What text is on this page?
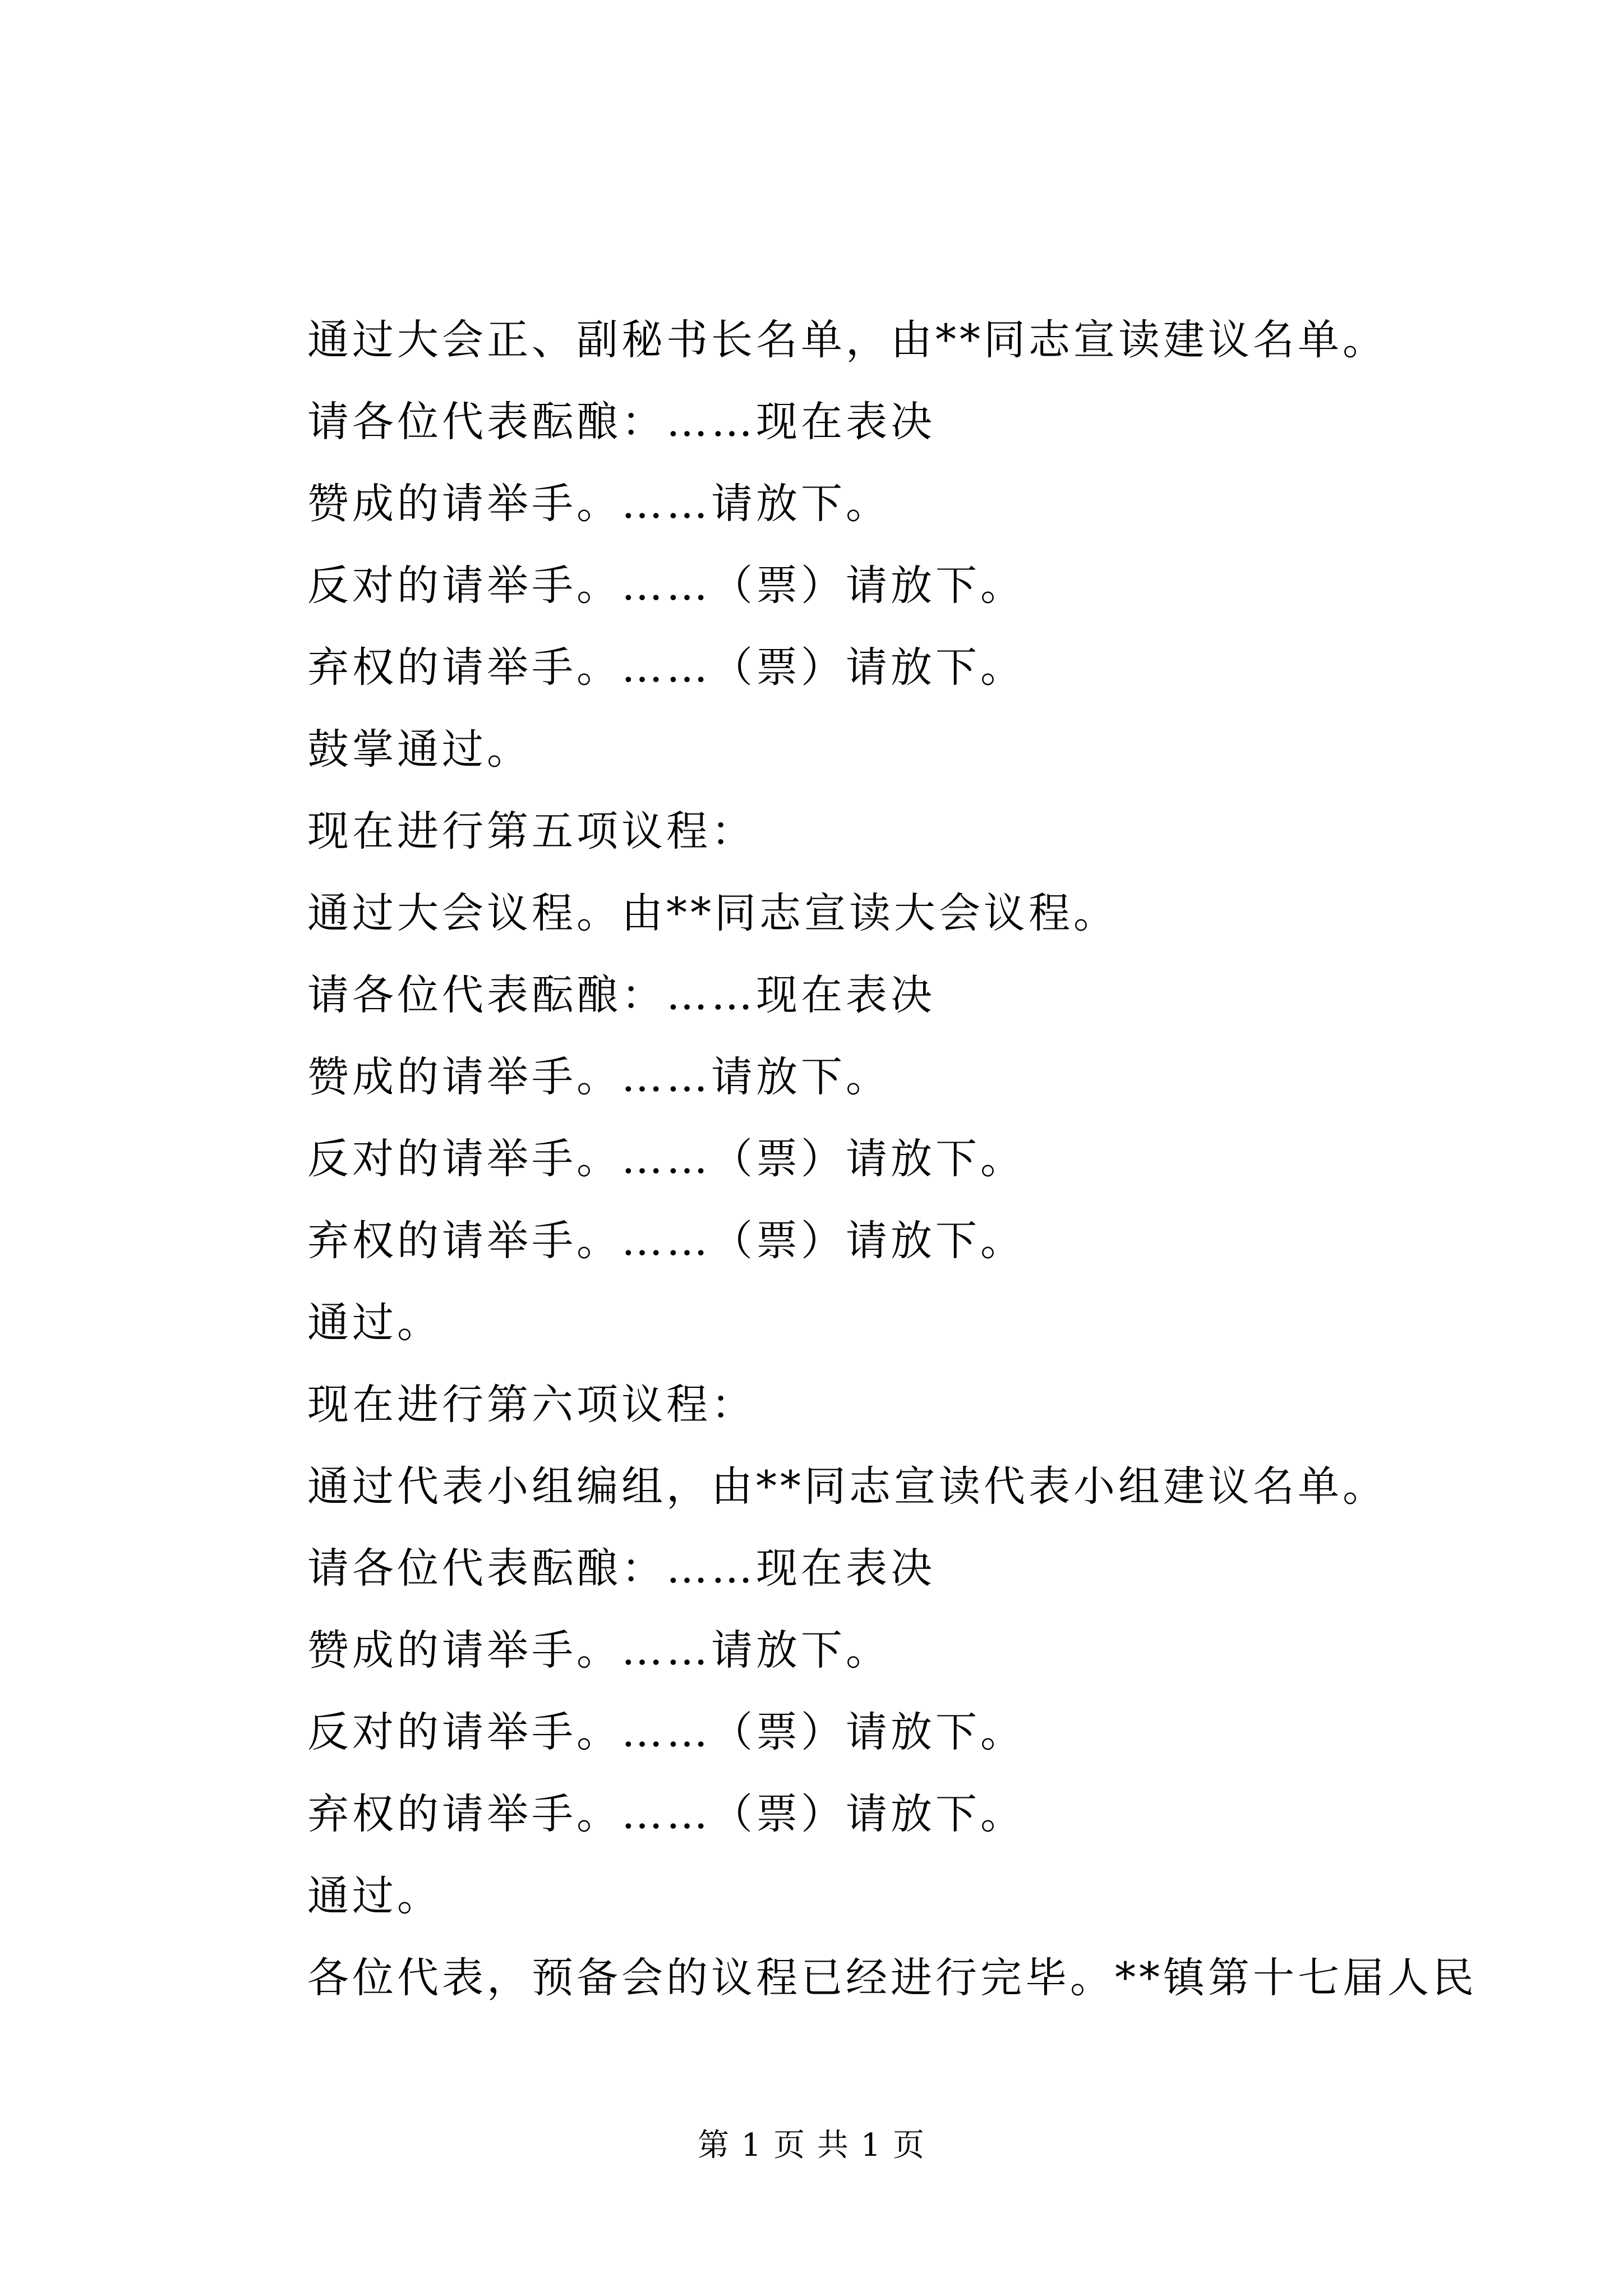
通过大会正、副秘书长名单，由**同志宣读建议名单。
请各位代表酝酿：……现在表决
赞成的请举手。……请放下。
反对的请举手。……（票）请放下。
弃权的请举手。……（票）请放下。
鼓掌通过。
现在进行第五项议程：
通过大会议程。由**同志宣读大会议程。
请各位代表酝酿：……现在表决
赞成的请举手。……请放下。
反对的请举手。……（票）请放下。
弃权的请举手。……（票）请放下。
通过。
现在进行第六项议程：
通过代表小组编组，由**同志宣读代表小组建议名单。
请各位代表酝酿：……现在表决
赞成的请举手。……请放下。
反对的请举手。……（票）请放下。
弃权的请举手。……（票）请放下。
通过。
各位代表，预备会的议程已经进行完毕。**镇第十七届人民
第 1 页 共 1 页
